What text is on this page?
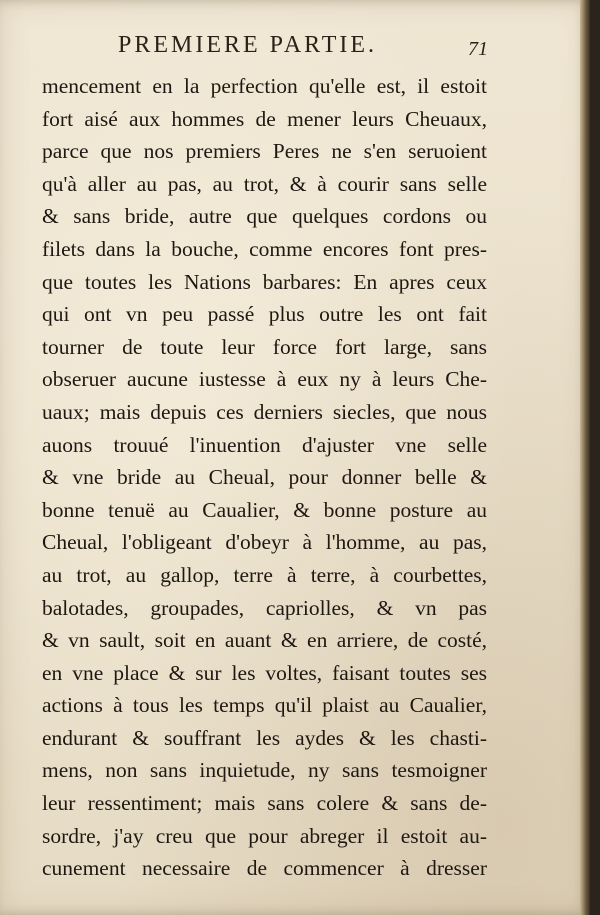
PREMIERE PARTIE.	71
mencement en la perfection qu'elle est, il estoit
fort aisé aux hommes de mener leurs Cheuaux,
parce que nos premiers Peres ne s'en seruoient
qu'à aller au pas, au trot, & à courir sans selle
& sans bride, autre que quelques cordons ou
filets dans la bouche, comme encores font pres-
que toutes les Nations barbares: En apres ceux
qui ont vn peu passé plus outre les ont fait
tourner de toute leur force fort large, sans
obseruer aucune iustesse à eux ny à leurs Che-
uaux; mais depuis ces derniers siecles, que nous
auons trouué l'inuention d'ajuster vne selle
& vne bride au Cheual, pour donner belle &
bonne tenuë au Caualier, & bonne posture au
Cheual, l'obligeant d'obeyr à l'homme, au pas,
au trot, au gallop, terre à terre, à courbettes,
balotades, groupades, capriolles, & vn pas
& vn sault, soit en auant & en arriere, de costé,
en vne place & sur les voltes, faisant toutes ses
actions à tous les temps qu'il plaist au Caualier,
endurant & souffrant les aydes & les chasti-
mens, non sans inquietude, ny sans tesmoigner
leur ressentiment; mais sans colere & sans de-
sordre, j'ay creu que pour abreger il estoit au-
cunement necessaire de commencer à dresser
